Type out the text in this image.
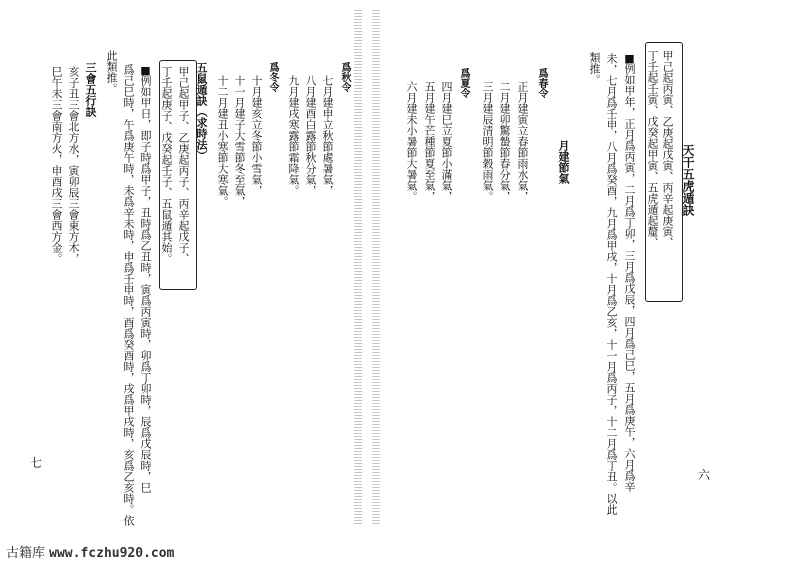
天干五虎遁訣
甲己起丙寅、乙庚起戊寅、丙辛起庚寅、
丁壬起壬寅、戊癸起甲寅、五虎遁起釐、
■
例如甲年，正月爲丙寅，二月爲丁卯，三月爲戊辰，四月爲己巳，五月爲庚午，六月爲辛
未，七月爲壬申，八月爲癸酉，九月爲甲戌，十月爲乙亥，十一月爲丙子，十二月爲丁丑。以此
類推。
月建節氣
爲春令
正月建寅立春節雨水氣，
二月建卯驚蟄節春分氣，
三月建辰清明節穀雨氣。
爲夏令
四月建巳立夏節小滿氣，
五月建午芒種節夏至氣，
六月建未小暑節大暑氣。
六
爲秋令
七月建申立秋節處暑氣，
八月建酉白露節秋分氣，
九月建戌寒露節霜降氣。
爲冬令
十月建亥立冬節小雪氣，
十一月建子大雪節冬至氣，
十二月建丑小寒節大寒氣。
五鼠遁訣（求時法）
甲己起甲子、乙庚起丙子、丙辛起戊子、
丁壬起庚子、戊癸起壬子、五鼠遁其始。
■
例如甲日，即子時爲甲子，丑時爲乙丑時，寅爲丙寅時，卯爲丁卯時，辰爲戊辰時，巳
爲己巳時，午爲庚午時，未爲辛未時，申爲壬申時，酉爲癸酉時，戌爲甲戌時，亥爲乙亥時。依
此類推。
三會五行訣
亥子丑三會北方水，寅卯辰三會東方木，
巳午未三會南方火，申酉戌三會西方金。
七
古籍库 www.fczhu920.com
